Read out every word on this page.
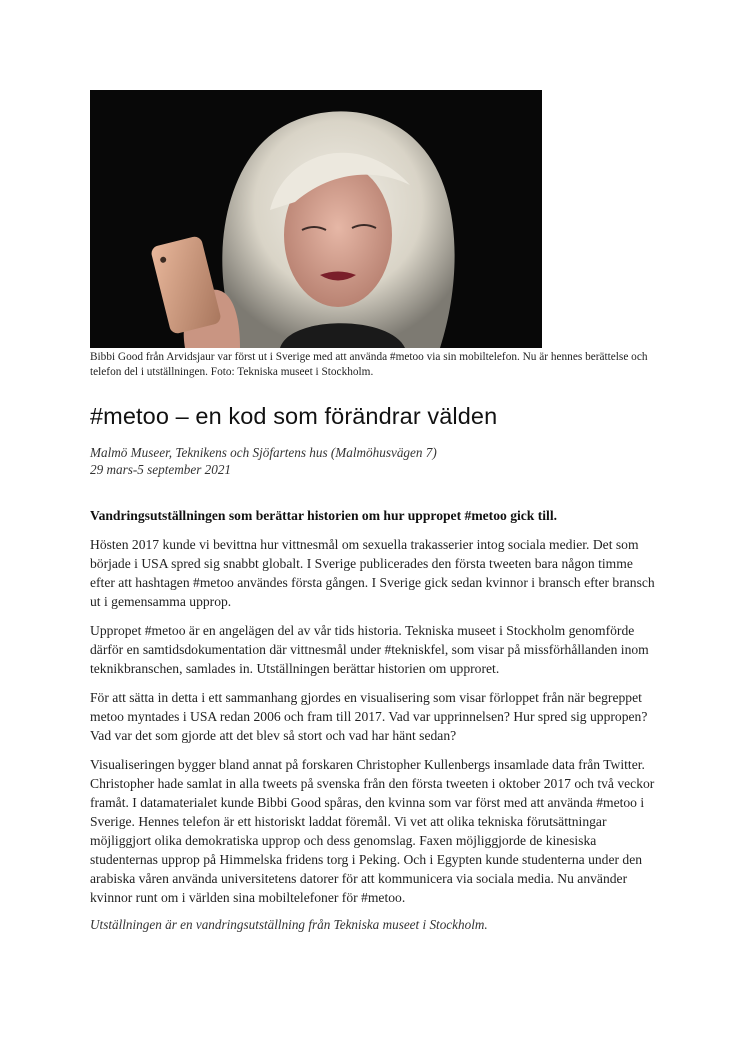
Bibbi Good från Arvidsjaur var först ut i Sverige med att använda #metoo via sin mobiltelefon. Nu är hennes berättelse och telefon del i utställningen. Foto: Tekniska museet i Stockholm.
#metoo – en kod som förändrar välden
Malmö Museer, Teknikens och Sjöfartens hus (Malmöhusvägen 7)
29 mars-5 september 2021
Vandringsutställningen som berättar historien om hur uppropet #metoo gick till.

Hösten 2017 kunde vi bevittna hur vittnesmål om sexuella trakasserier intog sociala medier. Det som började i USA spred sig snabbt globalt. I Sverige publicerades den första tweeten bara någon timme efter att hashtagen #metoo användes första gången. I Sverige gick sedan kvinnor i bransch efter bransch ut i gemensamma upprop.

Uppropet #metoo är en angelägen del av vår tids historia. Tekniska museet i Stockholm genomförde därför en samtidsdokumentation där vittnesmål under #tekniskfel, som visar på missförhållanden inom teknikbranschen, samlades in. Utställningen berättar historien om upproret.

För att sätta in detta i ett sammanhang gjordes en visualisering som visar förloppet från när begreppet metoo myntades i USA redan 2006 och fram till 2017. Vad var upprinnelsen? Hur spred sig uppropen? Vad var det som gjorde att det blev så stort och vad har hänt sedan?

Visualiseringen bygger bland annat på forskaren Christopher Kullenbergs insamlade data från Twitter. Christopher hade samlat in alla tweets på svenska från den första tweeten i oktober 2017 och två veckor framåt. I datamaterialet kunde Bibbi Good spåras, den kvinna som var först med att använda #metoo i Sverige. Hennes telefon är ett historiskt laddat föremål. Vi vet att olika tekniska förutsättningar möjliggjort olika demokratiska upprop och dess genomslag. Faxen möjliggjorde de kinesiska studenternas upprop på Himmelska fridens torg i Peking. Och i Egypten kunde studenterna under den arabiska våren använda universitetens datorer för att kommunicera via sociala media. Nu använder kvinnor runt om i världen sina mobiltelefoner för #metoo.

Utställningen är en vandringsutställning från Tekniska museet i Stockholm.
